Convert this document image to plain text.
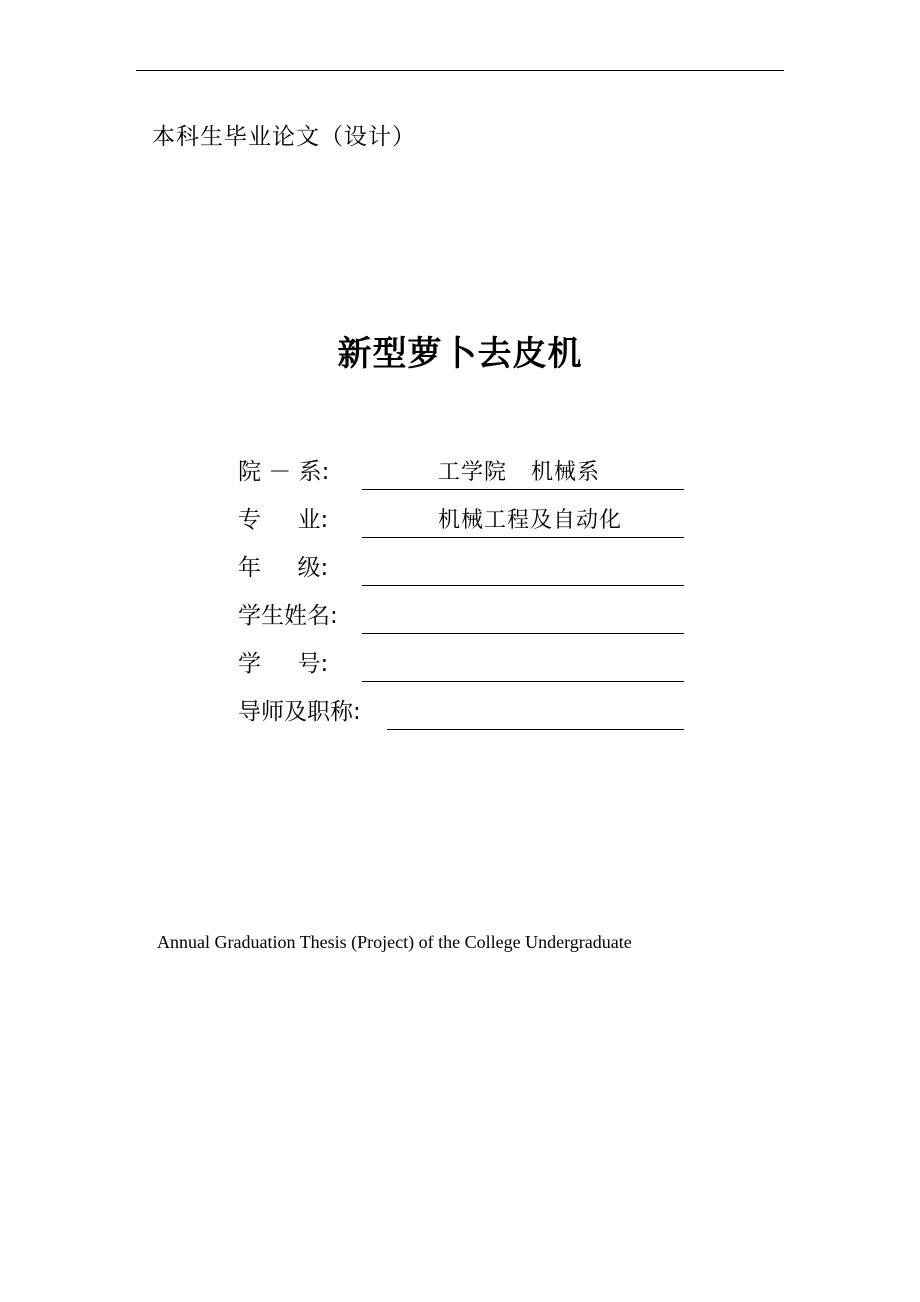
本科生毕业论文（设计）
新型萝卜去皮机
院 － 系:	工学院   机械系
专     业:	机械工程及自动化
年     级:
学生姓名:
学     号:
导师及职称:
Annual Graduation Thesis (Project) of the College Undergraduate
